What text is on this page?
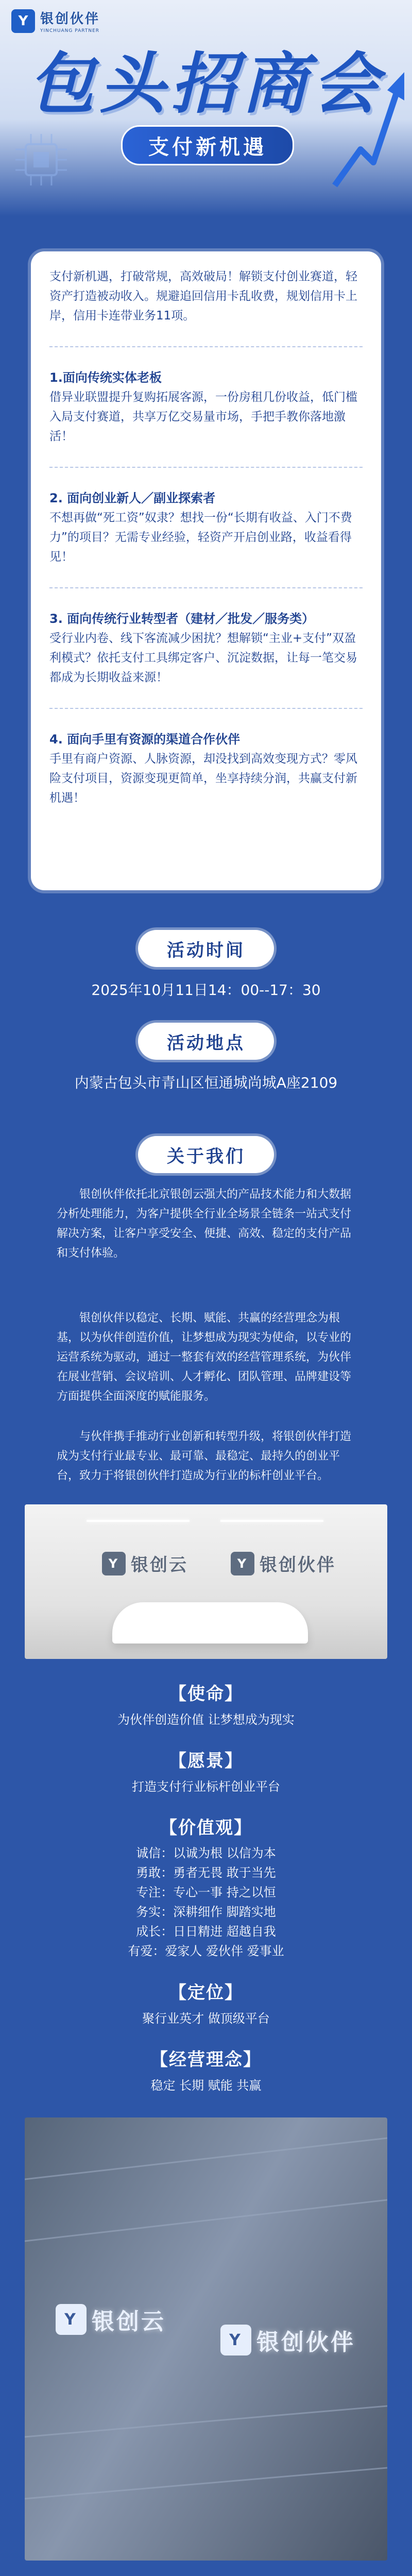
Y 银创伙伴
YINCHUANG PARTNER
包头招商会
支付新机遇

支付新机遇，打破常规，高效破局！解锁支付创业赛道，轻资产打造被动收入。规避追回信用卡乱收费，规划信用卡上岸，信用卡连带业务11项。

1.面向传统实体老板

借异业联盟提升复购拓展客源，一份房租几份收益，低门槛入局支付赛道，共享万亿交易量市场，手把手教你落地激活！

2. 面向创业新人／副业探索者

不想再做“死工资”奴隶？想找一份“长期有收益、入门不费力”的项目？无需专业经验，轻资产开启创业路，收益看得见！

3. 面向传统行业转型者（建材／批发／服务类）

受行业内卷、线下客流减少困扰？想解锁“主业+支付”双盈利模式？依托支付工具绑定客户、沉淀数据，让每一笔交易都成为长期收益来源！

4. 面向手里有资源的渠道合作伙伴

手里有商户资源、人脉资源，却没找到高效变现方式？零风险支付项目，资源变现更简单，坐享持续分润，共赢支付新机遇！

活动时间
2025年10月11日14：00--17：30
活动地点
内蒙古包头市青山区恒通城尚城A座2109
关于我们

银创伙伴依托北京银创云强大的产品技术能力和大数据分析处理能力，为客户提供全行业全场景全链条一站式支付解决方案，让客户享受安全、便捷、高效、稳定的支付产品和支付体验。

Y 银创云	Y 银创伙伴

银创伙伴以稳定、长期、赋能、共赢的经营理念为根基，以为伙伴创造价值，让梦想成为现实为使命，以专业的运营系统为驱动，通过一整套有效的经营管理系统，为伙伴在展业营销、会议培训、人才孵化、团队管理、品牌建设等方面提供全面深度的赋能服务。

【使命】
为伙伴创造价值 让梦想成为现实
【愿景】
打造支付行业标杆创业平台
【价值观】
诚信：以诚为根 以信为本
勇敢：勇者无畏 敢于当先
专注：专心一事 持之以恒
务实：深耕细作 脚踏实地
成长：日日精进 超越自我
有爱：爱家人 爱伙伴 爱事业
【定位】
聚行业英才 做顶级平台
【经营理念】
稳定 长期 赋能 共赢
Y 银创云
Y 银创伙伴

与伙伴携手推动行业创新和转型升级，将银创伙伴打造成为支付行业最专业、最可靠、最稳定、最持久的创业平台，致力于将银创伙伴打造成为行业的标杆创业平台。
